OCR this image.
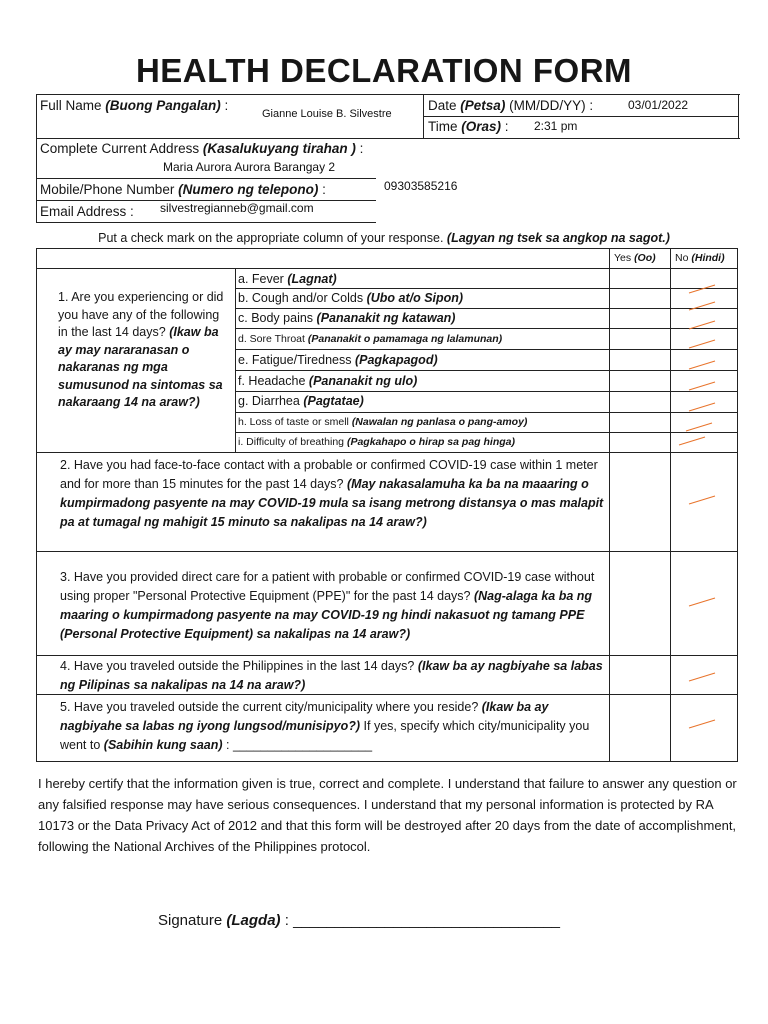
HEALTH DECLARATION FORM
Full Name (Buong Pangalan) :
Gianne Louise B. Silvestre
Date (Petsa) (MM/DD/YY) :	03/01/2022
Time (Oras) : 2:31 pm
Complete Current Address (Kasalukuyang tirahan ) :
Maria Aurora Aurora Barangay 2
Mobile/Phone Number (Numero ng telepono) :	09303585216
Email Address : silvestregianneb@gmail.com
Put a check mark on the appropriate column of your response. (Lagyan ng tsek sa angkop na sagot.)
Yes (Oo) No (Hindi)
1. Are you experiencing or did you have any of the following in the last 14 days? (Ikaw ba ay may nararanasan o nakaranas ng mga sumusunod na sintomas sa nakaraang 14 na araw?)
a. Fever (Lagnat)
b. Cough and/or Colds (Ubo at/o Sipon)
c. Body pains (Pananakit ng katawan)
d. Sore Throat (Pananakit o pamamaga ng lalamunan)
e. Fatigue/Tiredness (Pagkapagod)
f. Headache (Pananakit ng ulo)
g. Diarrhea (Pagtatae)
h. Loss of taste or smell (Nawalan ng panlasa o pang-amoy)
i. Difficulty of breathing (Pagkahapo o hirap sa pag hinga)
2. Have you had face-to-face contact with a probable or confirmed COVID-19 case within 1 meter and for more than 15 minutes for the past 14 days? (May nakasalamuha ka ba na maaaring o kumpirmadong pasyente na may COVID-19 mula sa isang metrong distansya o mas malapit pa at tumagal ng mahigit 15 minuto sa nakalipas na 14 araw?)
3. Have you provided direct care for a patient with probable or confirmed COVID-19 case without using proper "Personal Protective Equipment (PPE)" for the past 14 days? (Nag-alaga ka ba ng maaring o kumpirmadong pasyente na may COVID-19 ng hindi nakasuot ng tamang PPE (Personal Protective Equipment) sa nakalipas na 14 araw?)
4. Have you traveled outside the Philippines in the last 14 days? (Ikaw ba ay nagbiyahe sa labas ng Pilipinas sa nakalipas na 14 na araw?)
5. Have you traveled outside the current city/municipality where you reside? (Ikaw ba ay nagbiyahe sa labas ng iyong lungsod/munisipyo?) If yes, specify which city/municipality you went to (Sabihin kung saan) : ____________________
I hereby certify that the information given is true, correct and complete. I understand that failure to answer any question or any falsified response may have serious consequences. I understand that my personal information is protected by RA 10173 or the Data Privacy Act of 2012 and that this form will be destroyed after 20 days from the date of accomplishment, following the National Archives of the Philippines protocol.
Signature (Lagda) : ________________________________
